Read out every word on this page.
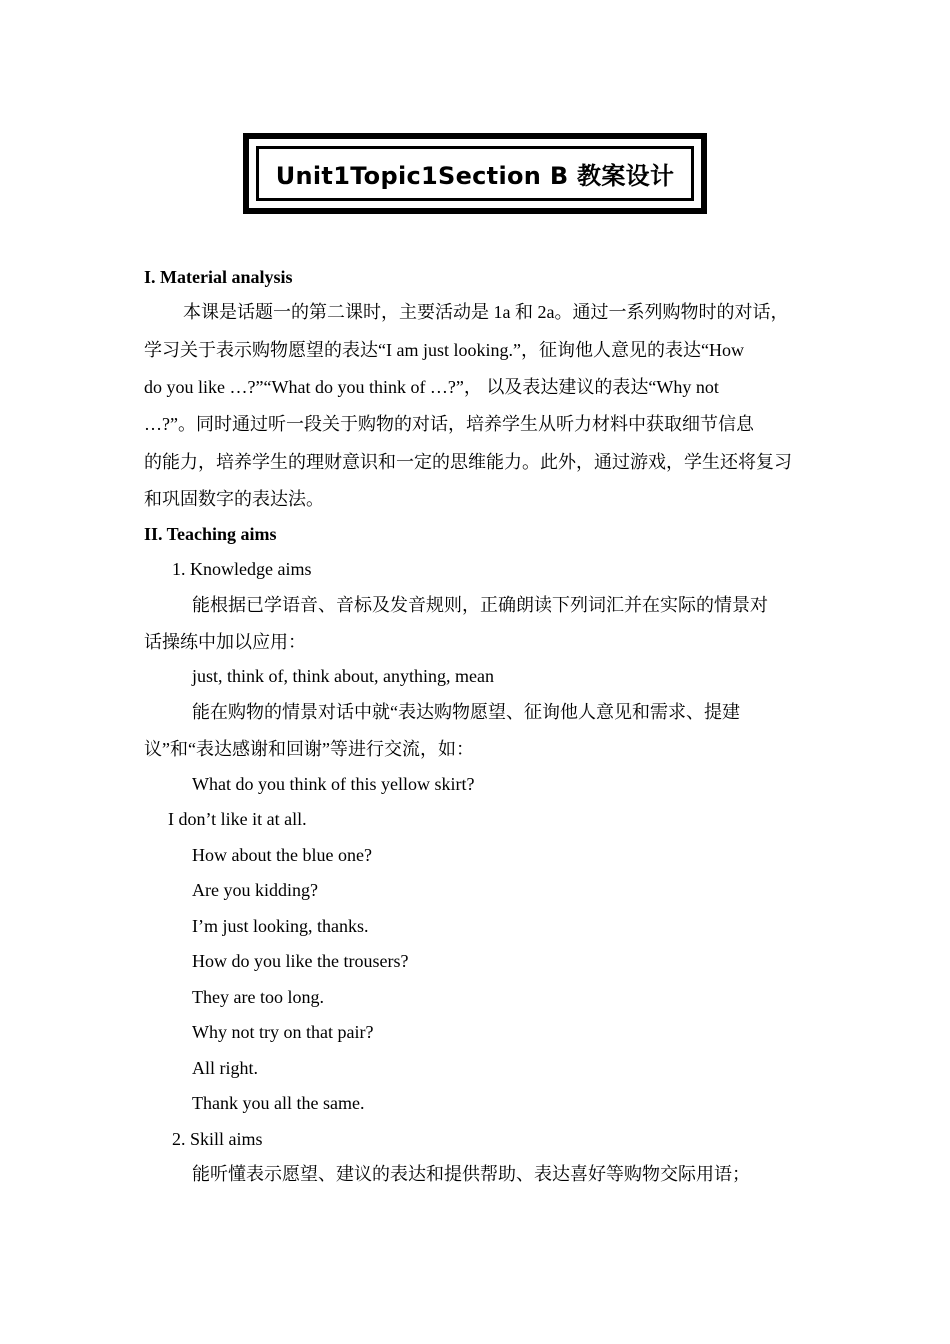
Unit1Topic1Section B 教案设计
I. Material analysis
本课是话题一的第二课时，主要活动是 1a 和 2a。通过一系列购物时的对话，
学习关于表示购物愿望的表达“I am just looking.”，征询他人意见的表达“How
do you like …?”“What do you think of …?”， 以及表达建议的表达“Why not
…?”。同时通过听一段关于购物的对话，培养学生从听力材料中获取细节信息
的能力，培养学生的理财意识和一定的思维能力。此外，通过游戏，学生还将复习
和巩固数字的表达法。
II. Teaching aims
1. Knowledge aims
能根据已学语音、音标及发音规则，正确朗读下列词汇并在实际的情景对
话操练中加以应用：
just, think of, think about, anything, mean
能在购物的情景对话中就“表达购物愿望、征询他人意见和需求、提建
议”和“表达感谢和回谢”等进行交流，如：
What do you think of this yellow skirt?
I don’t like it at all.
How about the blue one?
Are you kidding?
I’m just looking, thanks.
How do you like the trousers?
They are too long.
Why not try on that pair?
All right.
Thank you all the same.
2. Skill aims
能听懂表示愿望、建议的表达和提供帮助、表达喜好等购物交际用语；
